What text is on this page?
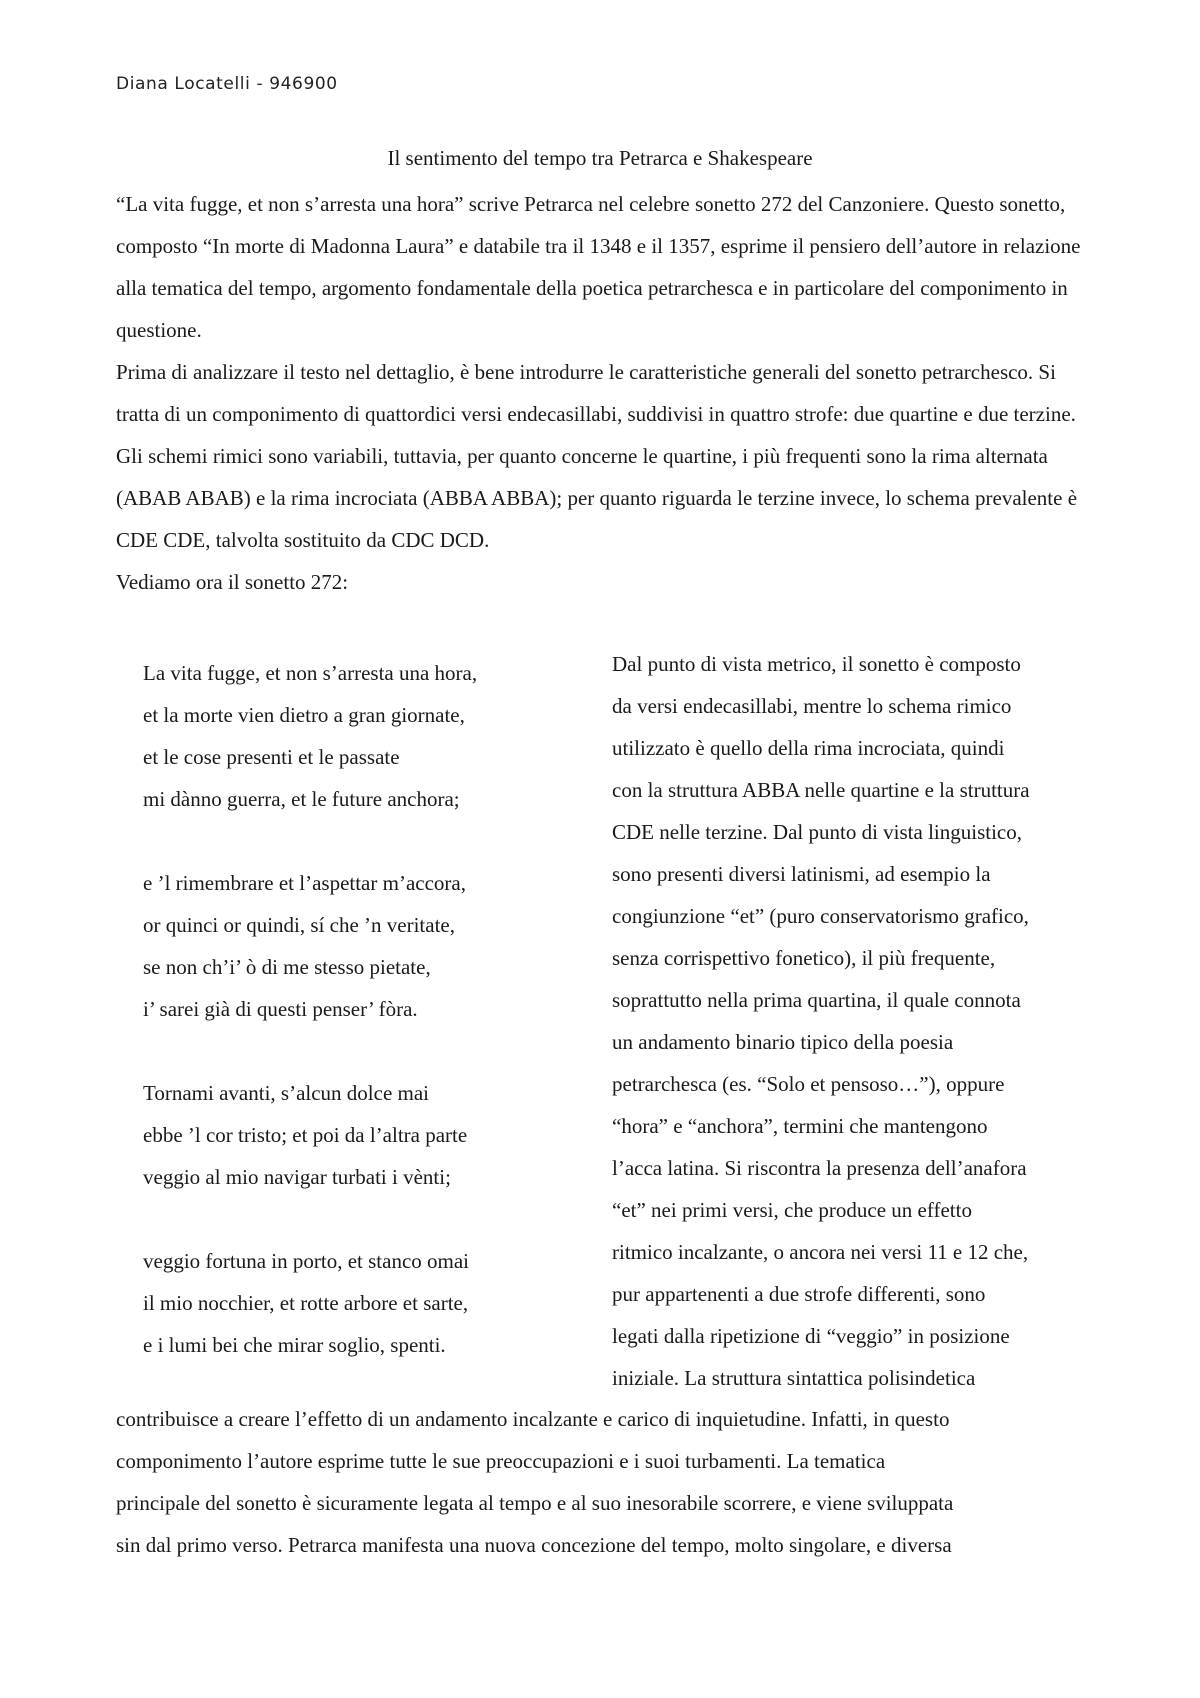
Diana Locatelli - 946900
Il sentimento del tempo tra Petrarca e Shakespeare

“La vita fugge, et non s’arresta una hora” scrive Petrarca nel celebre sonetto 272 del Canzoniere. Questo sonetto, composto “In morte di Madonna Laura” e databile tra il 1348 e il 1357, esprime il pensiero dell’autore in relazione alla tematica del tempo, argomento fondamentale della poetica petrarchesca e in particolare del componimento in questione.

Prima di analizzare il testo nel dettaglio, è bene introdurre le caratteristiche generali del sonetto petrarchesco. Si tratta di un componimento di quattordici versi endecasillabi, suddivisi in quattro strofe: due quartine e due terzine. Gli schemi rimici sono variabili, tuttavia, per quanto concerne le quartine, i più frequenti sono la rima alternata (ABAB ABAB) e la rima incrociata (ABBA ABBA); per quanto riguarda le terzine invece, lo schema prevalente è CDE CDE, talvolta sostituito da CDC DCD.

Vediamo ora il sonetto 272:

La vita fugge, et non s’arresta una hora,
et la morte vien dietro a gran giornate,
et le cose presenti et le passate
mi dànno guerra, et le future anchora;
e ’l rimembrare et l’aspettar m’accora,
or quinci or quindi, sí che ’n veritate,
se non ch’i’ ò di me stesso pietate,
i’ sarei già di questi penser’ fòra.
Tornami avanti, s’alcun dolce mai
ebbe ’l cor tristo; et poi da l’altra parte
veggio al mio navigar turbati i vènti;
veggio fortuna in porto, et stanco omai
il mio nocchier, et rotte arbore et sarte,
e i lumi bei che mirar soglio, spenti.
Dal punto di vista metrico, il sonetto è composto
da versi endecasillabi, mentre lo schema rimico
utilizzato è quello della rima incrociata, quindi
con la struttura ABBA nelle quartine e la struttura
CDE nelle terzine. Dal punto di vista linguistico,
sono presenti diversi latinismi, ad esempio la
congiunzione “et” (puro conservatorismo grafico,
senza corrispettivo fonetico), il più frequente,
soprattutto nella prima quartina, il quale connota
un andamento binario tipico della poesia
petrarchesca (es. “Solo et pensoso…”), oppure
“hora” e “anchora”, termini che mantengono
l’acca latina. Si riscontra la presenza dell’anafora
“et” nei primi versi, che produce un effetto
ritmico incalzante, o ancora nei versi 11 e 12 che,
pur appartenenti a due strofe differenti, sono
legati dalla ripetizione di “veggio” in posizione
iniziale. La struttura sintattica polisindetica
contribuisce a creare l’effetto di un andamento incalzante e carico di inquietudine. Infatti, in questo
componimento l’autore esprime tutte le sue preoccupazioni e i suoi turbamenti. La tematica
principale del sonetto è sicuramente legata al tempo e al suo inesorabile scorrere, e viene sviluppata
sin dal primo verso. Petrarca manifesta una nuova concezione del tempo, molto singolare, e diversa
